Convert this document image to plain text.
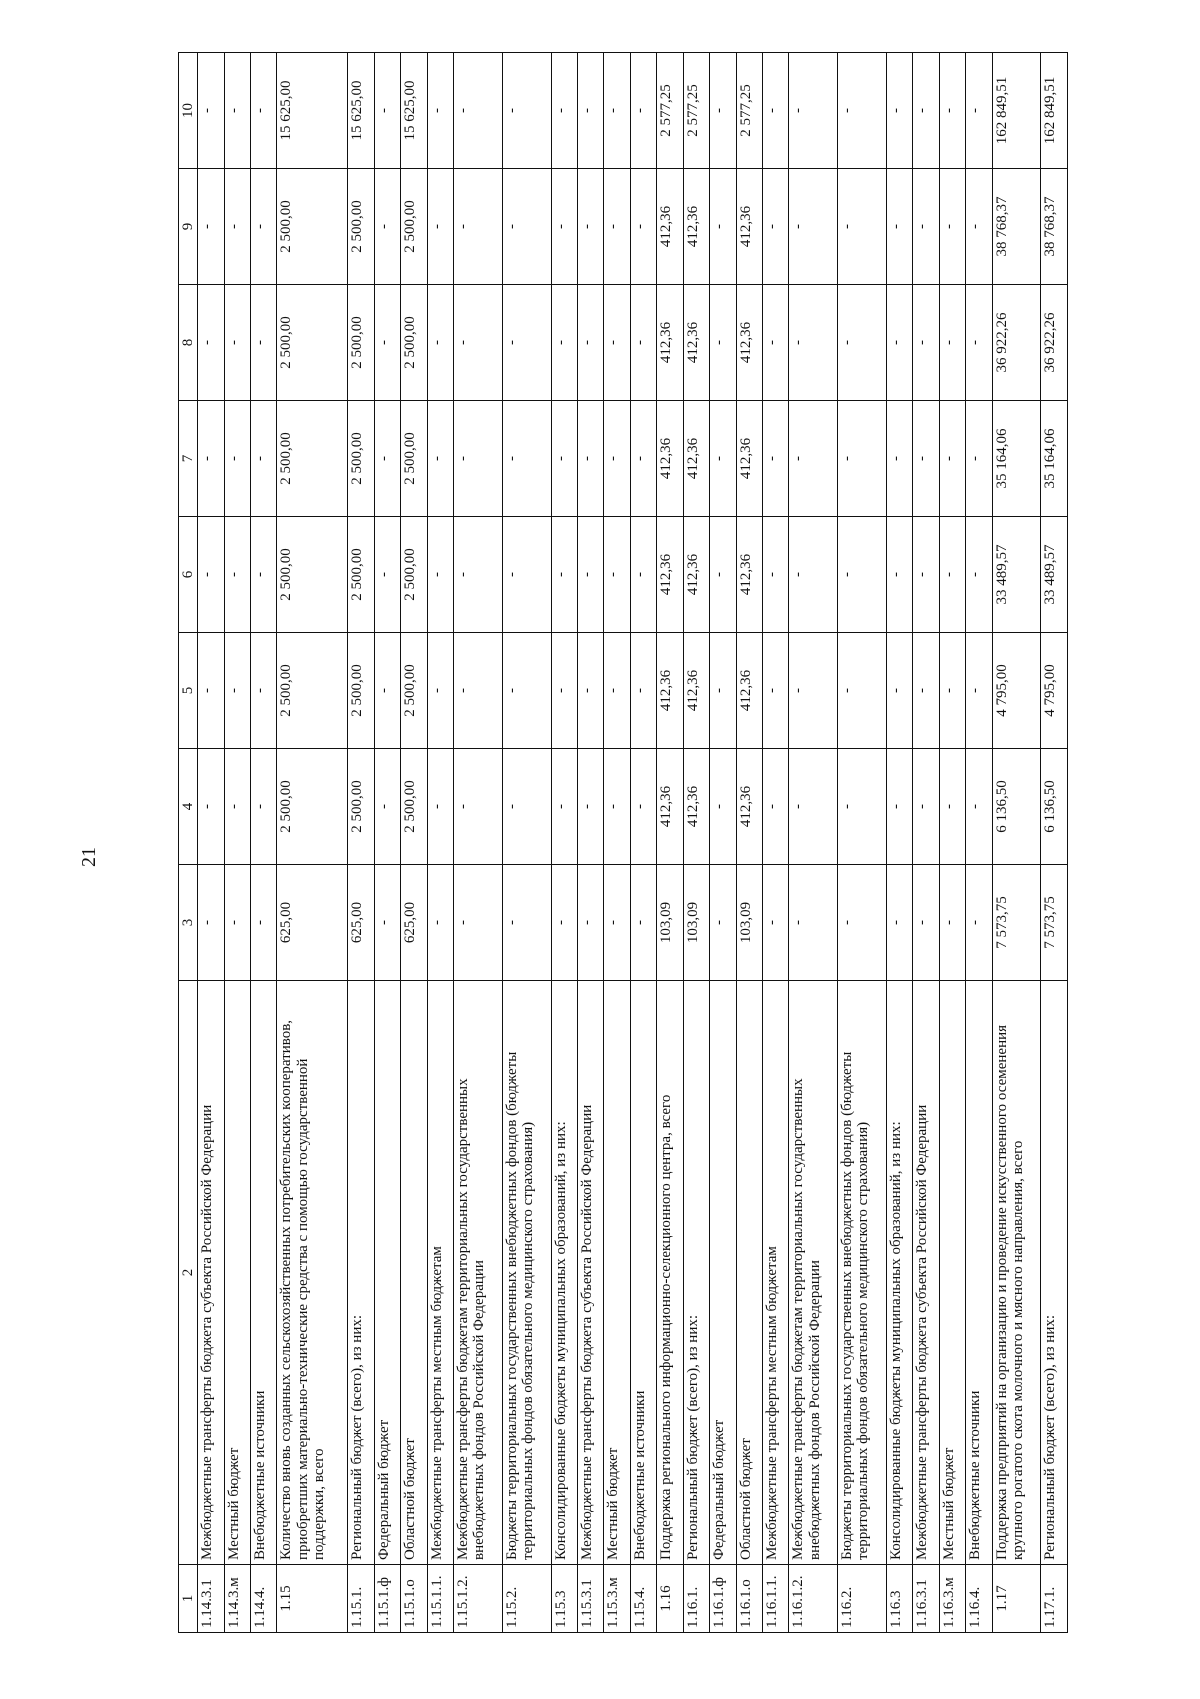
21
1	2	3	4	5	6	7	8	9	10
1.14.3.1	Межбюджетные трансферты бюджета субъекта Российской Федерации	-	-	-	-	-	-	-	-
1.14.3.м	Местный бюджет	-	-	-	-	-	-	-	-
1.14.4.	Внебюджетные источники	-	-	-	-	-	-	-	-
1.15	Количество вновь созданных сельскохозяйственных потребительских кооперативов, приобретших материально-технические средства с помощью государственной поддержки, всего	625,00	2 500,00	2 500,00	2 500,00	2 500,00	2 500,00	2 500,00	15 625,00
1.15.1.	Региональный бюджет (всего), из них:	625,00	2 500,00	2 500,00	2 500,00	2 500,00	2 500,00	2 500,00	15 625,00
1.15.1.ф	Федеральный бюджет	-	-	-	-	-	-	-	-
1.15.1.о	Областной бюджет	625,00	2 500,00	2 500,00	2 500,00	2 500,00	2 500,00	2 500,00	15 625,00
1.15.1.1.	Межбюджетные трансферты местным бюджетам	-	-	-	-	-	-	-	-
1.15.1.2.	Межбюджетные трансферты бюджетам территориальных государственных внебюджетных фондов Российской Федерации	-	-	-	-	-	-	-	-
1.15.2.	Бюджеты территориальных государственных внебюджетных фондов (бюджеты территориальных фондов обязательного медицинского страхования)	-	-	-	-	-	-	-	-
1.15.3	Консолидированные бюджеты муниципальных образований, из них:	-	-	-	-	-	-	-	-
1.15.3.1	Межбюджетные трансферты бюджета субъекта Российской Федерации	-	-	-	-	-	-	-	-
1.15.3.м	Местный бюджет	-	-	-	-	-	-	-	-
1.15.4.	Внебюджетные источники	-	-	-	-	-	-	-	-
1.16	Поддержка регионального информационно-селекционного центра, всего	103,09	412,36	412,36	412,36	412,36	412,36	412,36	2 577,25
1.16.1.	Региональный бюджет (всего), из них:	103,09	412,36	412,36	412,36	412,36	412,36	412,36	2 577,25
1.16.1.ф	Федеральный бюджет	-	-	-	-	-	-	-	-
1.16.1.о	Областной бюджет	103,09	412,36	412,36	412,36	412,36	412,36	412,36	2 577,25
1.16.1.1.	Межбюджетные трансферты местным бюджетам	-	-	-	-	-	-	-	-
1.16.1.2.	Межбюджетные трансферты бюджетам территориальных государственных внебюджетных фондов Российской Федерации	-	-	-	-	-	-	-	-
1.16.2.	Бюджеты территориальных государственных внебюджетных фондов (бюджеты территориальных фондов обязательного медицинского страхования)	-	-	-	-	-	-	-	-
1.16.3	Консолидированные бюджеты муниципальных образований, из них:	-	-	-	-	-	-	-	-
1.16.3.1	Межбюджетные трансферты бюджета субъекта Российской Федерации	-	-	-	-	-	-	-	-
1.16.3.м	Местный бюджет	-	-	-	-	-	-	-	-
1.16.4.	Внебюджетные источники	-	-	-	-	-	-	-	-
1.17	Поддержка предприятий на организацию и проведение искусственного осеменения крупного рогатого скота молочного и мясного направления, всего	7 573,75	6 136,50	4 795,00	33 489,57	35 164,06	36 922,26	38 768,37	162 849,51
1.17.1.	Региональный бюджет (всего), из них:	7 573,75	6 136,50	4 795,00	33 489,57	35 164,06	36 922,26	38 768,37	162 849,51
